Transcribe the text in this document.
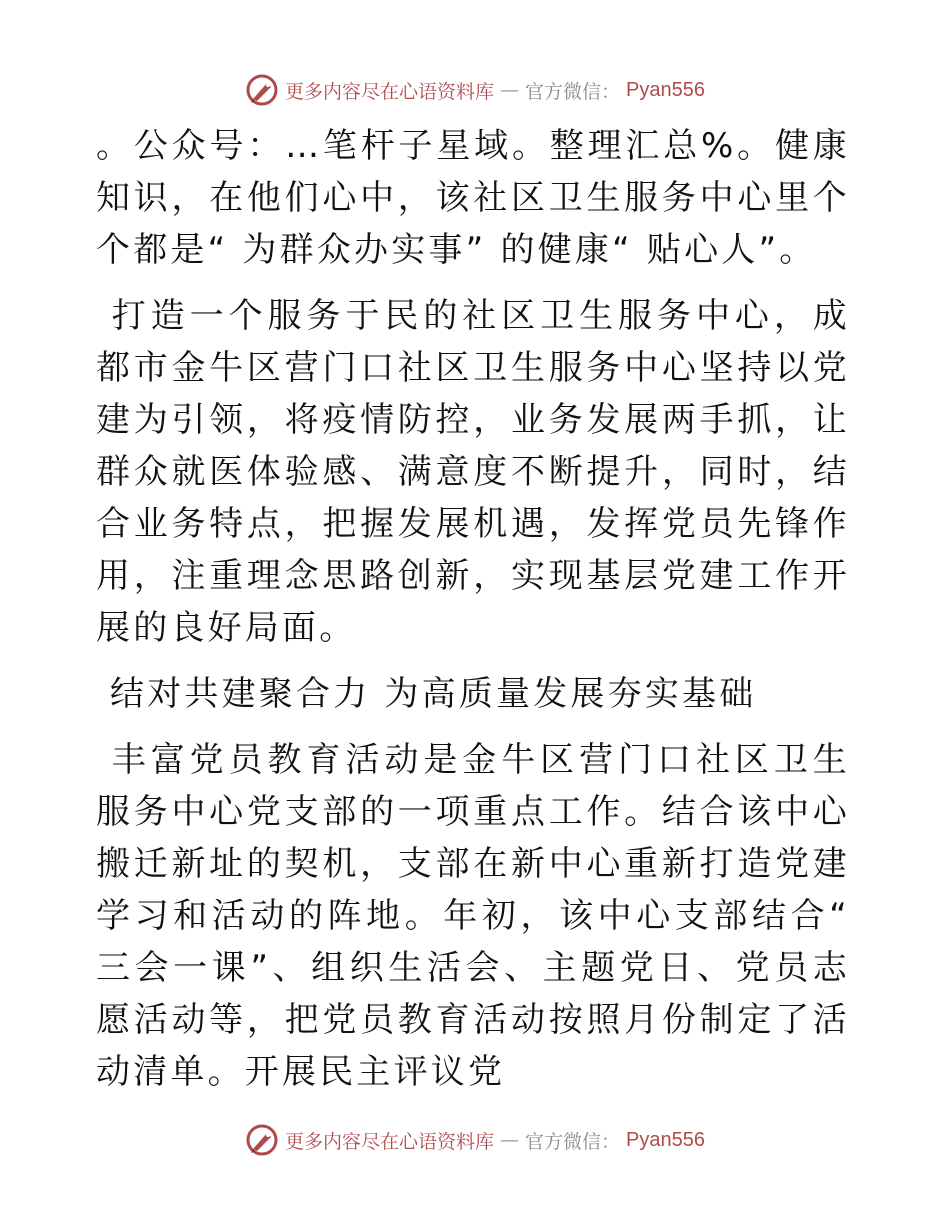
更多内容尽在心语资料库 — 官方微信： Pyan556

。公众号：…笔杆子星域。整理汇总%。健康知识，在他们心中，该社区卫生服务中心里个个都是“ 为群众办实事” 的健康“ 贴心人”。

打造一个服务于民的社区卫生服务中心，成都市金牛区营门口社区卫生服务中心坚持以党建为引领，将疫情防控，业务发展两手抓，让群众就医体验感、满意度不断提升，同时，结合业务特点，把握发展机遇，发挥党员先锋作用，注重理念思路创新，实现基层党建工作开展的良好局面。

结对共建聚合力 为高质量发展夯实基础

丰富党员教育活动是金牛区营门口社区卫生服务中心党支部的一项重点工作。结合该中心搬迁新址的契机，支部在新中心重新打造党建学习和活动的阵地。年初，该中心支部结合“ 三会一课”、组织生活会、主题党日、党员志愿活动等，把党员教育活动按照月份制定了活动清单。开展民主评议党

更多内容尽在心语资料库 — 官方微信： Pyan556
